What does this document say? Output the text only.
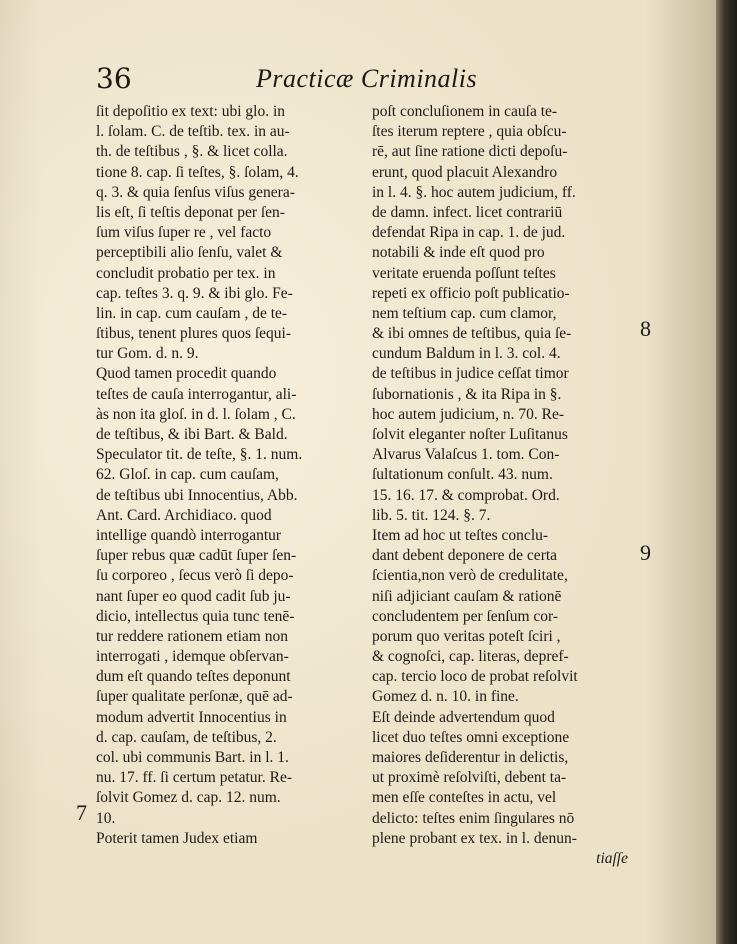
36	Practicæ Criminalis
ſit depoſitio ex text: ubi glo. in
l. ſolam. C. de teſtib. tex. in au-
th. de teſtibus , §. & licet colla.
tione 8. cap. ſi teſtes, §. ſolam, 4.
q. 3. & quia ſenſus viſus genera-
lis eſt, ſi teſtis deponat per ſen-
ſum viſus ſuper re , vel facto
perceptibili alio ſenſu, valet &
concludit probatio per tex. in
cap. teſtes 3. q. 9. & ibi glo. Fe-
lin. in cap. cum cauſam , de te-
ſtibus, tenent plures quos ſequi-
tur Gom. d. n. 9.
Quod tamen procedit quando
teſtes de cauſa interrogantur, ali-
às non ita gloſ. in d. l. ſolam , C.
de teſtibus, & ibi Bart. & Bald.
Speculator tit. de teſte, §. 1. num.
62. Gloſ. in cap. cum cauſam,
de teſtibus ubi Innocentius, Abb.
Ant. Card. Archidiaco. quod
intellige quandò interrogantur
ſuper rebus quæ cadūt ſuper ſen-
ſu corporeo , ſecus verò ſi depo-
nant ſuper eo quod cadit ſub ju-
dicio, intellectus quia tunc tenē-
tur reddere rationem etiam non
interrogati , idemque obſervan-
dum eſt quando teſtes deponunt
ſuper qualitate perſonæ, quē ad-
modum advertit Innocentius in
d. cap. cauſam, de teſtibus, 2.
col. ubi communis Bart. in l. 1.
nu. 17. ff. ſi certum petatur. Re-
ſolvit Gomez d. cap. 12. num.
10.
Poterit tamen Judex etiam
poſt concluſionem in cauſa te-
ſtes iterum reptere , quia obſcu-
rē, aut ſine ratione dicti depoſu-
erunt, quod placuit Alexandro
in l. 4. §. hoc autem judicium, ff.
de damn. infect. licet contrariū
defendat Ripa in cap. 1. de jud.
notabili & inde eſt quod pro
veritate eruenda poſſunt teſtes
repeti ex officio poſt publicatio-
nem teſtium cap. cum clamor,
& ibi omnes de teſtibus, quia ſe-
cundum Baldum in l. 3. col. 4.
de teſtibus in judice ceſſat timor
ſubornationis , & ita Ripa in §.
hoc autem judicium, n. 70. Re-
ſolvit eleganter noſter Luſitanus
Alvarus Valaſcus 1. tom. Con-
ſultationum conſult. 43. num.
15. 16. 17. & comprobat. Ord.
lib. 5. tit. 124. §. 7.
Item ad hoc ut teſtes conclu-
dant debent deponere de certa
ſcientia,non verò de credulitate,
niſi adjiciant cauſam & rationē
concludentem per ſenſum cor-
porum quo veritas poteſt ſciri ,
& cognoſci, cap. literas, depref-
cap. tercio loco de probat reſolvit
Gomez d. n. 10. in fine.
Eſt deinde advertendum quod
licet duo teſtes omni exceptione
maiores deſiderentur in delictis,
ut proximè reſolviſti, debent ta-
men eſſe conteſtes in actu, vel
delicto: teſtes enim ſingulares nō
plene probant ex tex. in l. denun-
tiaſſe
7
8
9
